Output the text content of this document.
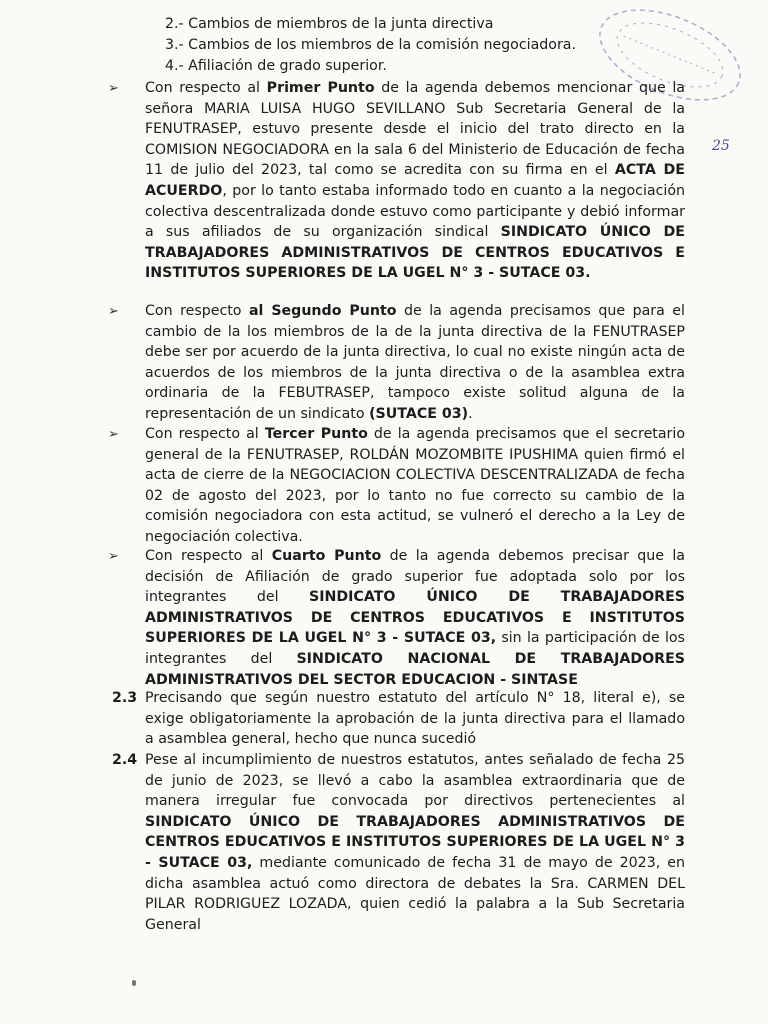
25
2.- Cambios de miembros de la junta directiva
3.- Cambios de los miembros de la comisión negociadora.
4.- Afiliación de grado superior.
➢ Con respecto al Primer Punto de la agenda debemos mencionar que la señora MARIA LUISA HUGO SEVILLANO Sub Secretaria General de la FENUTRASEP, estuvo presente desde el inicio del trato directo en la COMISION NEGOCIADORA en la sala 6 del Ministerio de Educación de fecha 11 de julio del 2023, tal como se acredita con su firma en el ACTA DE ACUERDO, por lo tanto estaba informado todo en cuanto a la negociación colectiva descentralizada donde estuvo como participante y debió informar a sus afiliados de su organización sindical SINDICATO ÚNICO DE TRABAJADORES ADMINISTRATIVOS DE CENTROS EDUCATIVOS E INSTITUTOS SUPERIORES DE LA UGEL N° 3 - SUTACE 03.
➢ Con respecto al Segundo Punto de la agenda precisamos que para el cambio de la los miembros de la de la junta directiva de la FENUTRASEP debe ser por acuerdo de la junta directiva, lo cual no existe ningún acta de acuerdos de los miembros de la junta directiva o de la asamblea extra ordinaria de la FEBUTRASEP, tampoco existe solitud alguna de la representación de un sindicato (SUTACE 03).
➢ Con respecto al Tercer Punto de la agenda precisamos que el secretario general de la FENUTRASEP, ROLDÁN MOZOMBITE IPUSHIMA quien firmó el acta de cierre de la NEGOCIACION COLECTIVA DESCENTRALIZADA de fecha 02 de agosto del 2023, por lo tanto no fue correcto su cambio de la comisión negociadora con esta actitud, se vulneró el derecho a la Ley de negociación colectiva.
➢ Con respecto al Cuarto Punto de la agenda debemos precisar que la decisión de Afiliación de grado superior fue adoptada solo por los integrantes del SINDICATO ÚNICO DE TRABAJADORES ADMINISTRATIVOS DE CENTROS EDUCATIVOS E INSTITUTOS SUPERIORES DE LA UGEL N° 3 - SUTACE 03, sin la participación de los integrantes del SINDICATO NACIONAL DE TRABAJADORES ADMINISTRATIVOS DEL SECTOR EDUCACION - SINTASE
2.3 Precisando que según nuestro estatuto del artículo N° 18, literal e), se exige obligatoriamente la aprobación de la junta directiva para el llamado a asamblea general, hecho que nunca sucedió
2.4 Pese al incumplimiento de nuestros estatutos, antes señalado de fecha 25 de junio de 2023, se llevó a cabo la asamblea extraordinaria que de manera irregular fue convocada por directivos pertenecientes al SINDICATO ÚNICO DE TRABAJADORES ADMINISTRATIVOS DE CENTROS EDUCATIVOS E INSTITUTOS SUPERIORES DE LA UGEL N° 3 - SUTACE 03, mediante comunicado de fecha 31 de mayo de 2023, en dicha asamblea actuó como directora de debates la Sra. CARMEN DEL PILAR RODRIGUEZ LOZADA, quien cedió la palabra a la Sub Secretaria General
